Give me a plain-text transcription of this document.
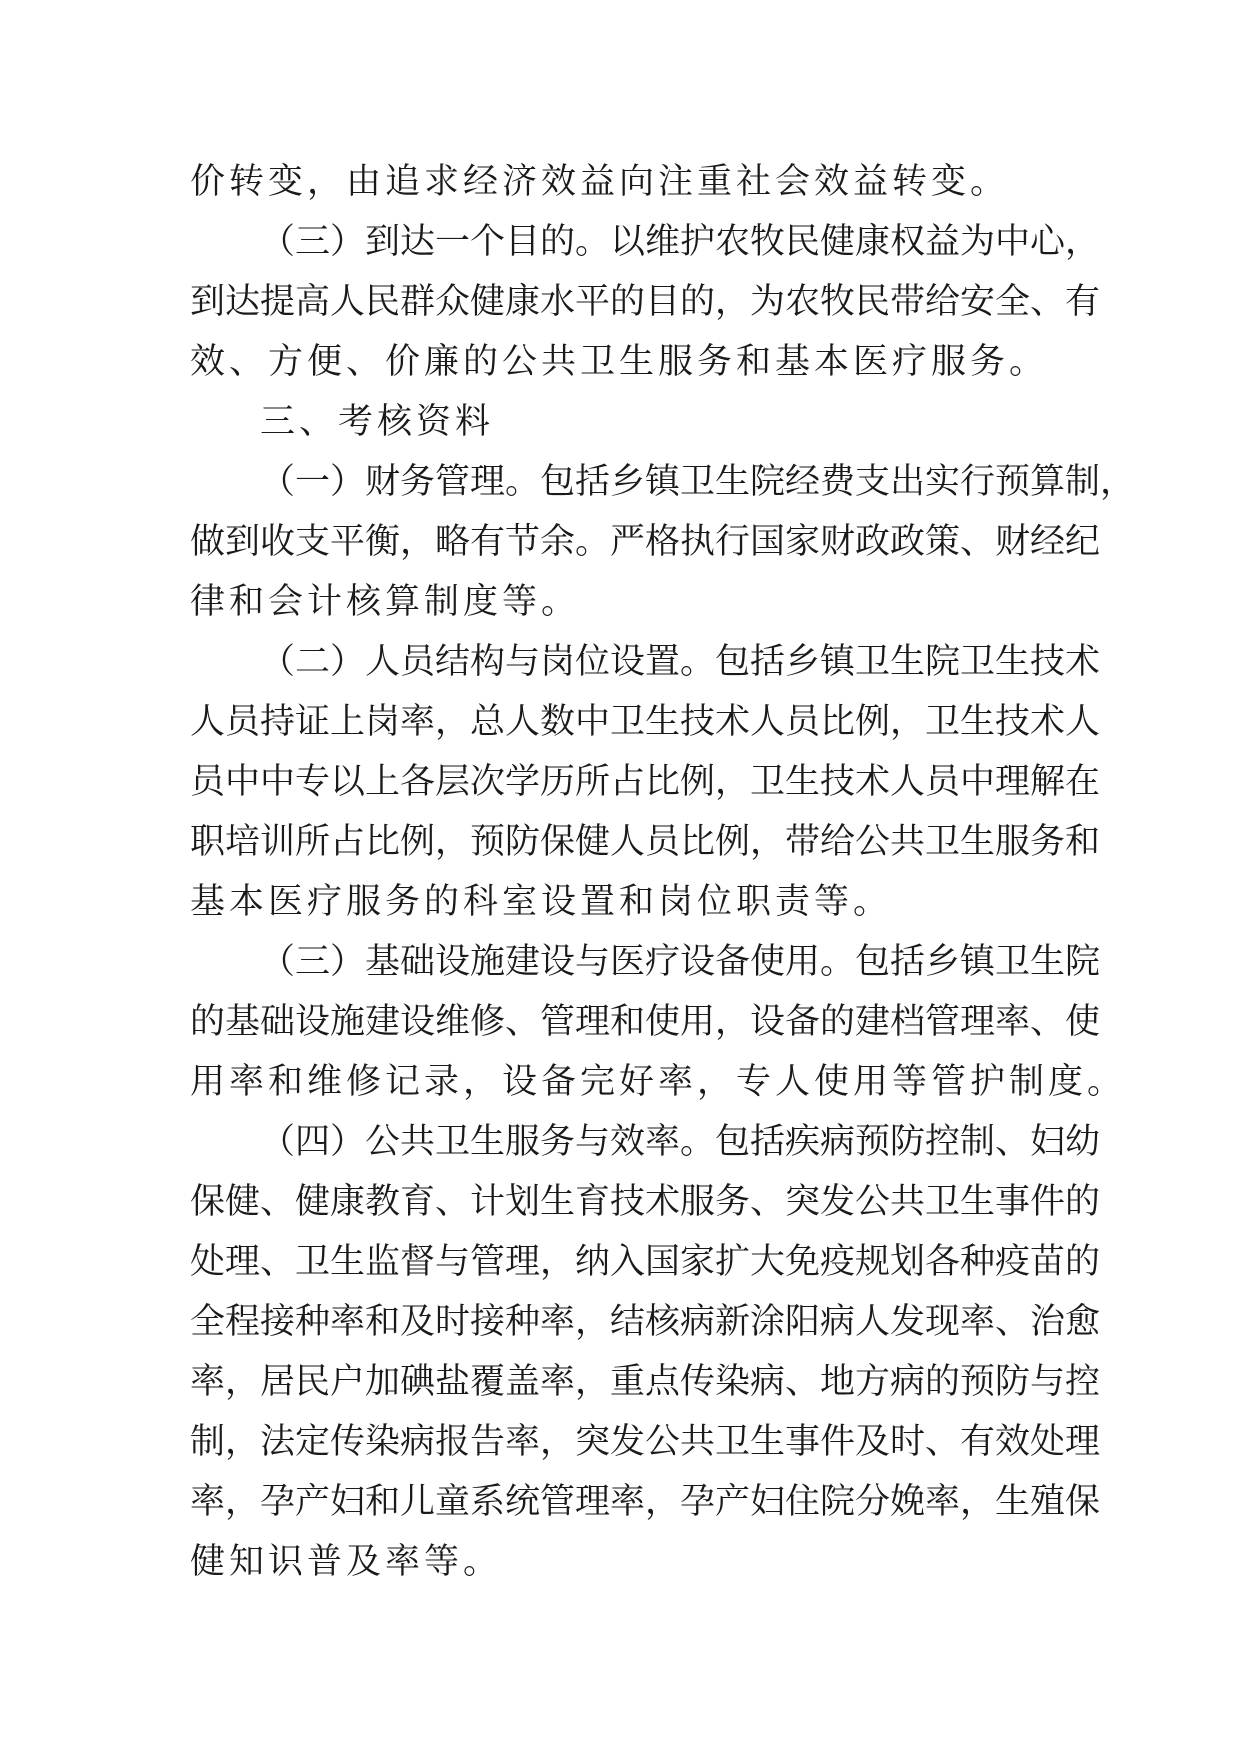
价转变，由追求经济效益向注重社会效益转变。
（三）到达一个目的。以维护农牧民健康权益为中心，
到达提高人民群众健康水平的目的，为农牧民带给安全、有
效、方便、价廉的公共卫生服务和基本医疗服务。
三、考核资料
（一）财务管理。包括乡镇卫生院经费支出实行预算制，
做到收支平衡，略有节余。严格执行国家财政政策、财经纪
律和会计核算制度等。
（二）人员结构与岗位设置。包括乡镇卫生院卫生技术
人员持证上岗率，总人数中卫生技术人员比例，卫生技术人
员中中专以上各层次学历所占比例，卫生技术人员中理解在
职培训所占比例，预防保健人员比例，带给公共卫生服务和
基本医疗服务的科室设置和岗位职责等。
（三）基础设施建设与医疗设备使用。包括乡镇卫生院
的基础设施建设维修、管理和使用，设备的建档管理率、使
用率和维修记录，设备完好率，专人使用等管护制度。
（四）公共卫生服务与效率。包括疾病预防控制、妇幼
保健、健康教育、计划生育技术服务、突发公共卫生事件的
处理、卫生监督与管理，纳入国家扩大免疫规划各种疫苗的
全程接种率和及时接种率，结核病新涂阳病人发现率、治愈
率，居民户加碘盐覆盖率，重点传染病、地方病的预防与控
制，法定传染病报告率，突发公共卫生事件及时、有效处理
率，孕产妇和儿童系统管理率，孕产妇住院分娩率，生殖保
健知识普及率等。
